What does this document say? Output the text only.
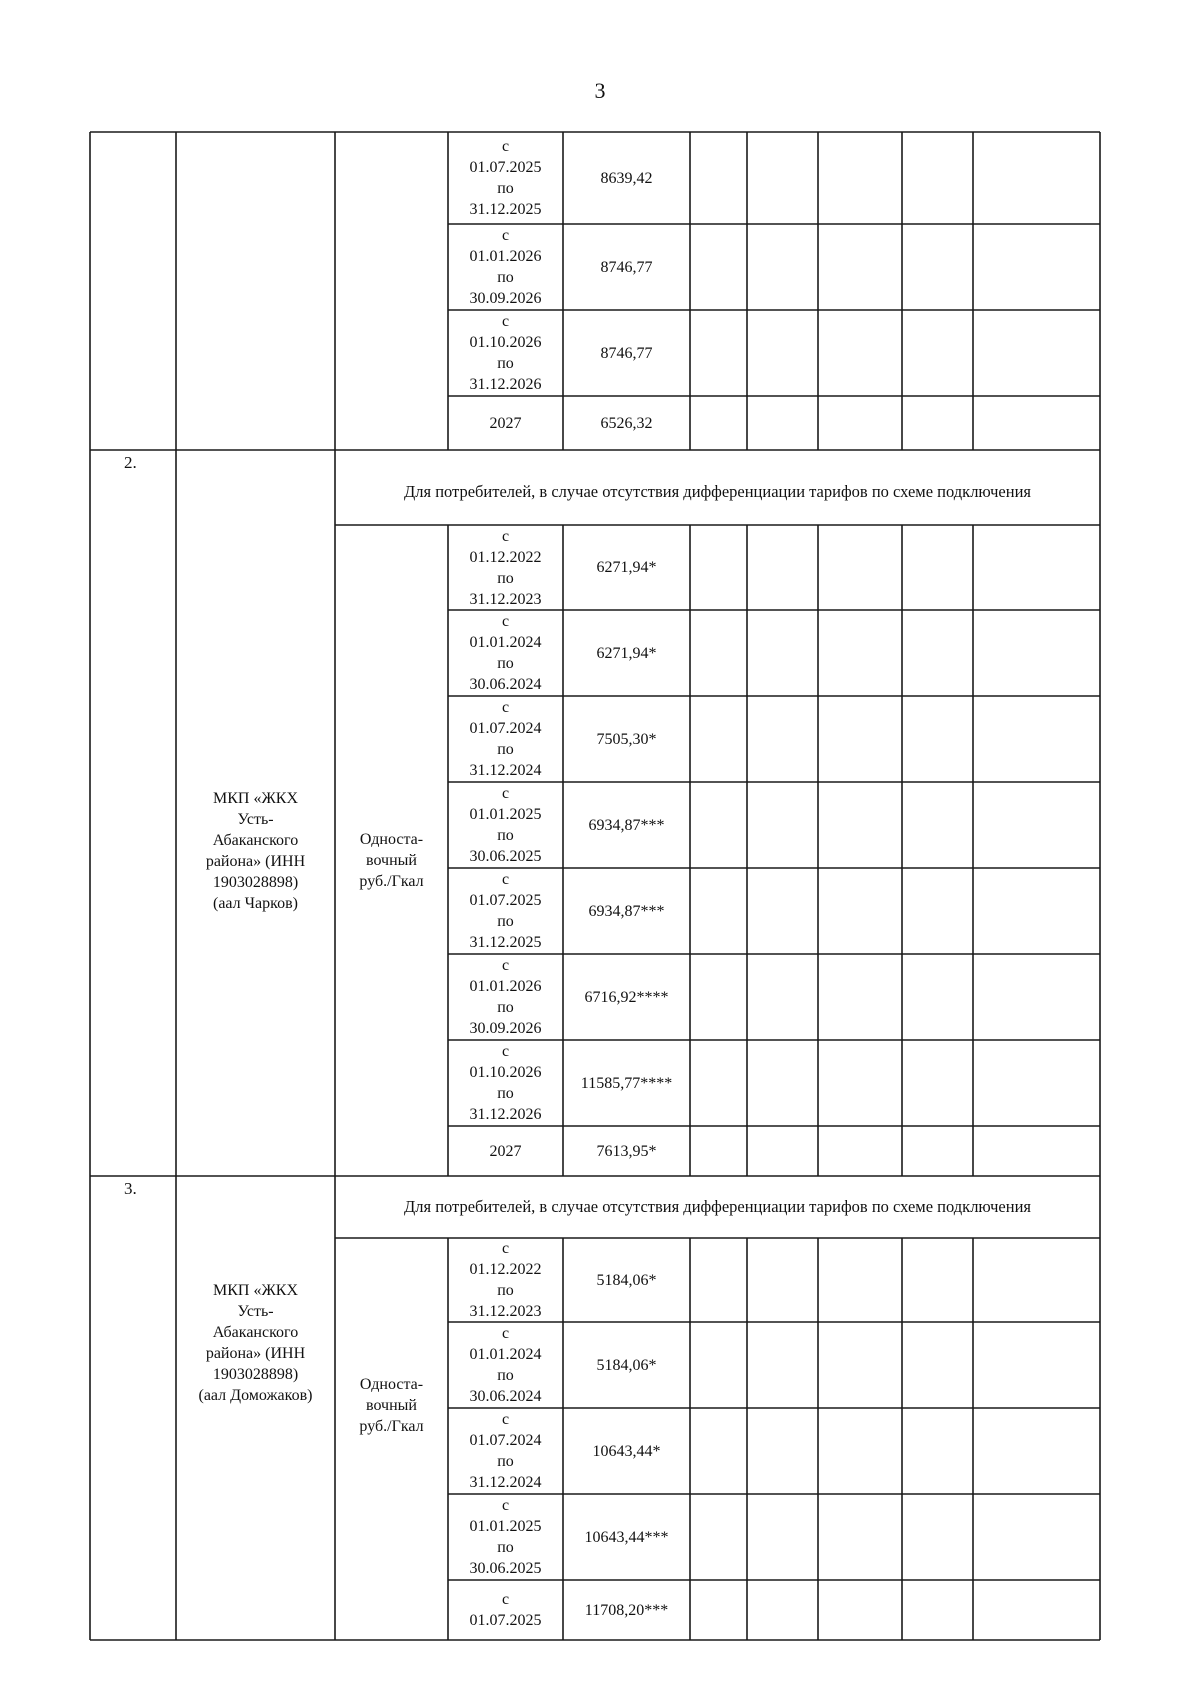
3
с
01.07.2025
по
31.12.2025
8639,42
с
01.01.2026
по
30.09.2026
8746,77
с
01.10.2026
по
31.12.2026
8746,77
2027	6526,32
2.
Для потребителей, в случае отсутствия дифференциации тарифов по схеме подключения
МКП «ЖКХ
Усть-
Абаканского
района» (ИНН
1903028898)
(аал Чарков)
Односта-
вочный
руб./Гкал
с
01.12.2022
по
31.12.2023
6271,94*
с
01.01.2024
по
30.06.2024
6271,94*
с
01.07.2024
по
31.12.2024
7505,30*
с
01.01.2025
по
30.06.2025
6934,87***
с
01.07.2025
по
31.12.2025
6934,87***
с
01.01.2026
по
30.09.2026
6716,92****
с
01.10.2026
по
31.12.2026
11585,77****
2027	7613,95*
3.
Для потребителей, в случае отсутствия дифференциации тарифов по схеме подключения
МКП «ЖКХ
Усть-
Абаканского
района» (ИНН
1903028898)
(аал Доможаков)
Односта-
вочный
руб./Гкал
с
01.12.2022
по
31.12.2023
5184,06*
с
01.01.2024
по
30.06.2024
5184,06*
с
01.07.2024
по
31.12.2024
10643,44*
с
01.01.2025
по
30.06.2025
10643,44***
с
01.07.2025
11708,20***
